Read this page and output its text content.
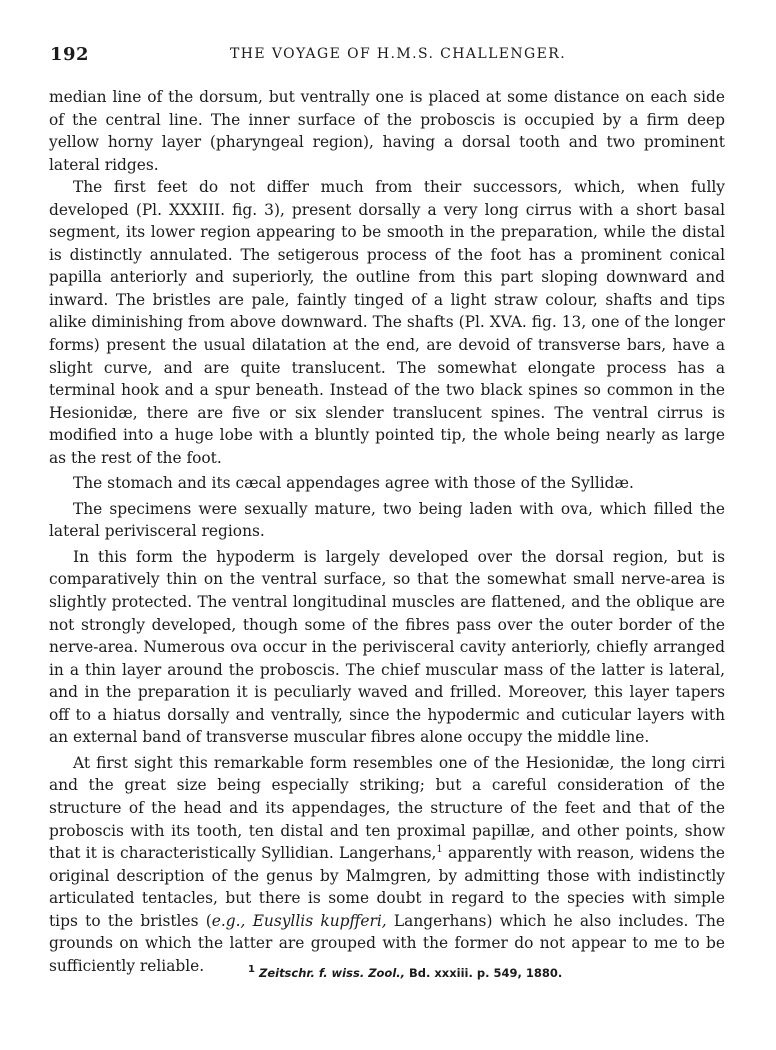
192	THE VOYAGE OF H.M.S. CHALLENGER.

median line of the dorsum, but ventrally one is placed at some distance on each side of the central line. The inner surface of the proboscis is occupied by a firm deep yellow horny layer (pharyngeal region), having a dorsal tooth and two prominent lateral ridges.

The first feet do not differ much from their successors, which, when fully developed (Pl. XXXIII. fig. 3), present dorsally a very long cirrus with a short basal segment, its lower region appearing to be smooth in the preparation, while the distal is distinctly annulated. The setigerous process of the foot has a prominent conical papilla anteriorly and superiorly, the outline from this part sloping downward and inward. The bristles are pale, faintly tinged of a light straw colour, shafts and tips alike diminishing from above downward. The shafts (Pl. XVA. fig. 13, one of the longer forms) present the usual dilatation at the end, are devoid of transverse bars, have a slight curve, and are quite translucent. The somewhat elongate process has a terminal hook and a spur beneath. Instead of the two black spines so common in the Hesionidæ, there are five or six slender translucent spines. The ventral cirrus is modified into a huge lobe with a bluntly pointed tip, the whole being nearly as large as the rest of the foot.

The stomach and its cæcal appendages agree with those of the Syllidæ.

The specimens were sexually mature, two being laden with ova, which filled the lateral perivisceral regions.

In this form the hypoderm is largely developed over the dorsal region, but is comparatively thin on the ventral surface, so that the somewhat small nerve-area is slightly protected. The ventral longitudinal muscles are flattened, and the oblique are not strongly developed, though some of the fibres pass over the outer border of the nerve-area. Numerous ova occur in the perivisceral cavity anteriorly, chiefly arranged in a thin layer around the proboscis. The chief muscular mass of the latter is lateral, and in the preparation it is peculiarly waved and frilled. Moreover, this layer tapers off to a hiatus dorsally and ventrally, since the hypodermic and cuticular layers with an external band of transverse muscular fibres alone occupy the middle line.

At first sight this remarkable form resembles one of the Hesionidæ, the long cirri and the great size being especially striking; but a careful consideration of the structure of the head and its appendages, the structure of the feet and that of the proboscis with its tooth, ten distal and ten proximal papillæ, and other points, show that it is characteristically Syllidian. Langerhans,$^1$ apparently with reason, widens the original description of the genus by Malmgren, by admitting those with indistinctly articulated tentacles, but there is some doubt in regard to the species with simple tips to the bristles (e.g., Eusyllis kupfferi, Langerhans) which he also includes. The grounds on which the latter are grouped with the former do not appear to me to be sufficiently reliable.	1 Zeitschr. f. wiss. Zool., Bd. xxxiii. p. 549, 1880.
